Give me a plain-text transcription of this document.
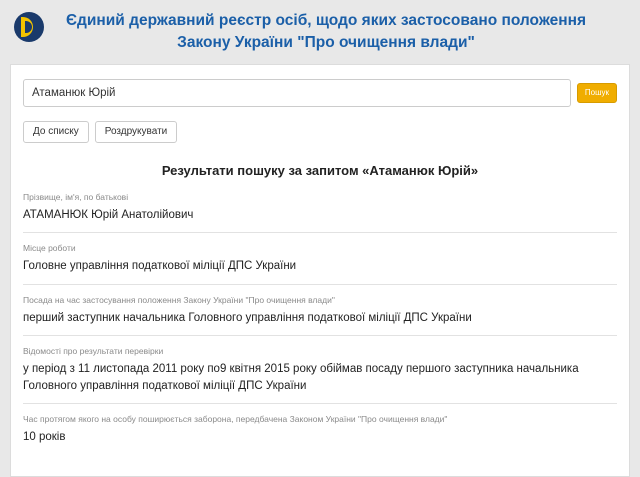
Єдиний державний реєстр осіб, щодо яких застосовано положення Закону України "Про очищення влади"
Атаманюк Юрій
Пошук
До списку	Роздрукувати
Результати пошуку за запитом «Атаманюк Юрій»
Прізвище, ім'я, по батькові
АТАМАНЮК Юрій Анатолійович
Місце роботи
Головне управління податкової міліції ДПС України
Посада на час застосування положення Закону України "Про очищення влади"
перший заступник начальника Головного управління податкової міліції ДПС України
Відомості про результати перевірки
у період з 11 листопада 2011 року по9 квітня 2015 року обіймав посаду першого заступника начальника Головного управління податкової міліції ДПС України
Час протягом якого на особу поширюється заборона, передбачена Законом України "Про очищення влади"
10 років
